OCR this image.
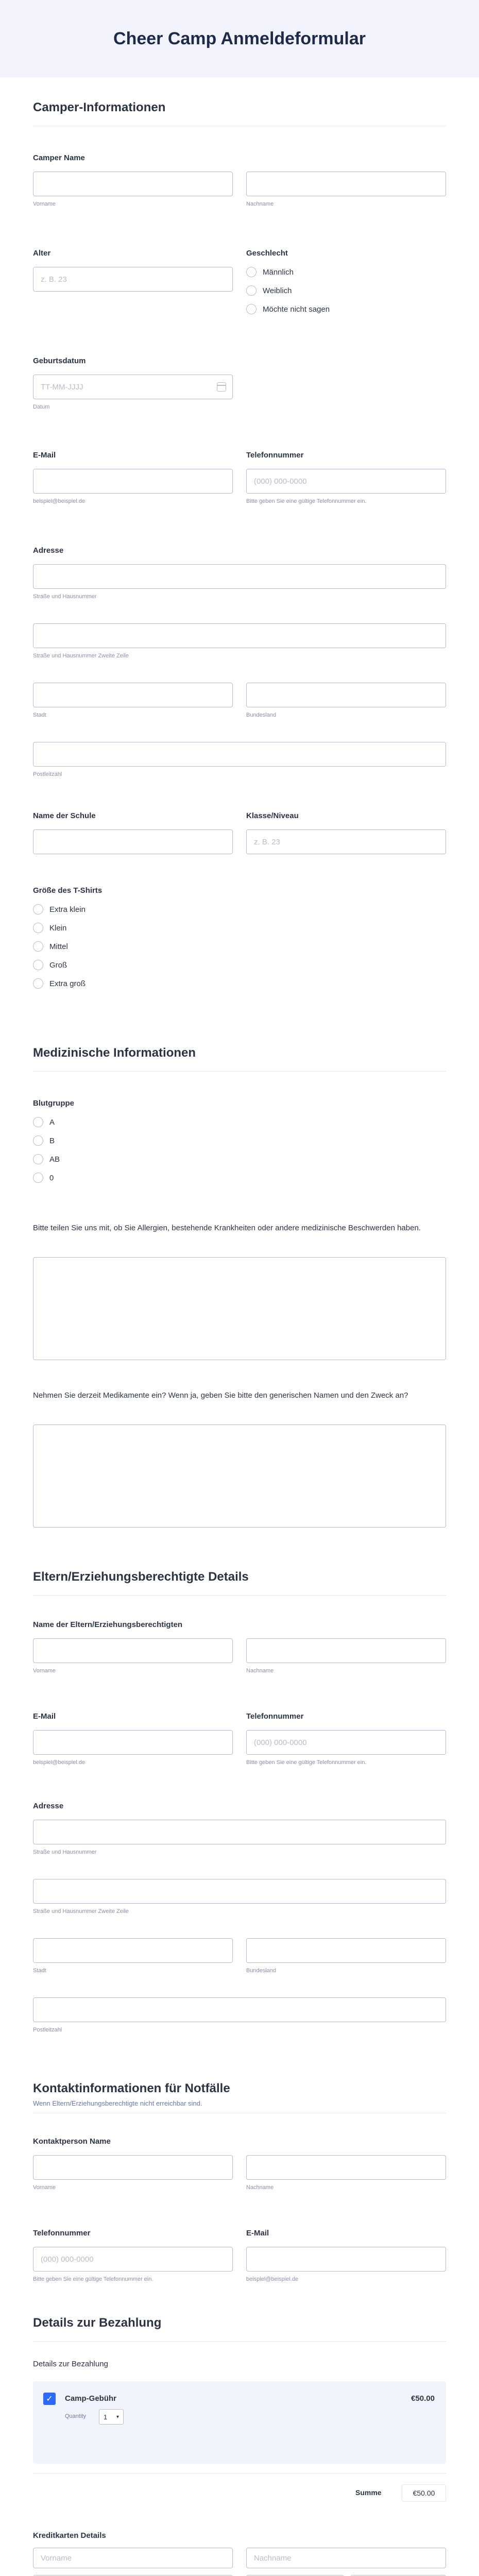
Cheer Camp Anmeldeformular
Camper-Informationen
Camper Name
Vorname	Nachname
Alter
z. B. 23
Geschlecht
Männlich
Weiblich
Möchte nicht sagen
Geburtsdatum
TT-MM-JJJJ
Datum
E-Mail
beispiel@beispiel.de
Telefonnummer
(000) 000-0000
Bitte geben Sie eine gültige Telefonnummer ein.
Adresse
Straße und Hausnummer
Straße und Hausnummer Zweite Zeile
Stadt	Bundesland
Postleitzahl
Name der Schule	Klasse/Niveau
z. B. 23
Größe des T-Shirts
Extra klein
Klein
Mittel
Groß
Extra groß
Medizinische Informationen
Blutgruppe
A
B
AB
0
Bitte teilen Sie uns mit, ob Sie Allergien, bestehende Krankheiten oder andere medizinische Beschwerden haben.
Nehmen Sie derzeit Medikamente ein? Wenn ja, geben Sie bitte den generischen Namen und den Zweck an?
Eltern/Erziehungsberechtigte Details
Name der Eltern/Erziehungsberechtigten
Vorname	Nachname
E-Mail
beispiel@beispiel.de
Telefonnummer
(000) 000-0000
Bitte geben Sie eine gültige Telefonnummer ein.
Adresse
Straße und Hausnummer
Straße und Hausnummer Zweite Zeile
Stadt	Bundesland
Postleitzahl
Kontaktinformationen für Notfälle
Wenn Eltern/Erziehungsberechtigte nicht erreichbar sind.
Kontaktperson Name
Vorname	Nachname
Telefonnummer
(000) 000-0000
Bitte geben Sie eine gültige Telefonnummer ein.
E-Mail
beispiel@beispiel.de
Details zur Bezahlung
Details zur Bezahlung
✓	Camp-Gebühr	€50.00
Quantity	1 ▾
Summe	€50.00
Kreditkarten Details
Vorname	Nachname
